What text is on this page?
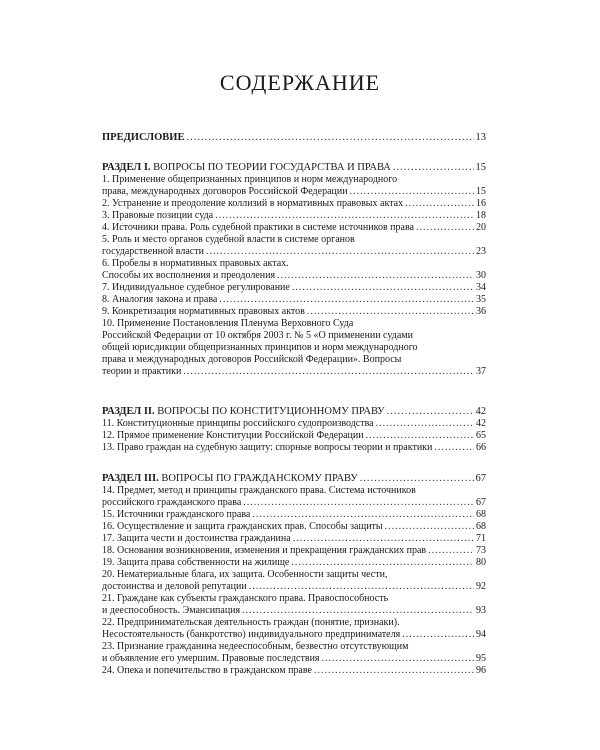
СОДЕРЖАНИЕ
ПРЕДИСЛОВИЕ .....	13
РАЗДЕЛ I. ВОПРОСЫ ПО ТЕОРИИ ГОСУДАРСТВА И ПРАВА .....	15
1. Применение общепризнанных принципов и норм международного
права, международных договоров Российской Федерации .....	15
2. Устранение и преодоление коллизий в нормативных правовых актах .....	16
3. Правовые позиции суда .....	18
4. Источники права. Роль судебной практики в системе источников права .....	20
5. Роль и место органов судебной власти в системе органов
государственной власти .....	23
6. Пробелы в нормативных правовых актах.
Способы их восполнения и преодоления .....	30
7. Индивидуальное судебное регулирование .....	34
8. Аналогия закона и права .....	35
9. Конкретизация нормативных правовых актов .....	36
10. Применение Постановления Пленума Верховного Суда
Российской Федерации от 10 октября 2003 г. № 5 «О применении судами
общей юрисдикции общепризнанных принципов и норм международного
права и международных договоров Российской Федерации». Вопросы
теории и практики .....	37
РАЗДЕЛ II. ВОПРОСЫ ПО КОНСТИТУЦИОННОМУ ПРАВУ .....	42
11. Конституционные принципы российского судопроизводства .....	42
12. Прямое применение Конституции Российской Федерации .....	65
13. Право граждан на судебную защиту: спорные вопросы теории и практики .....	66
РАЗДЕЛ III. ВОПРОСЫ ПО ГРАЖДАНСКОМУ ПРАВУ .....	67
14. Предмет, метод и принципы гражданского права. Система источников
российского гражданского права .....	67
15. Источники гражданского права .....	68
16. Осуществление и защита гражданских прав. Способы защиты .....	68
17. Защита чести и достоинства гражданина .....	71
18. Основания возникновения, изменения и прекращения гражданских прав .....	73
19. Защита права собственности на жилище .....	80
20. Нематериальные блага, их защита. Особенности защиты чести,
достоинства и деловой репутации .....	92
21. Граждане как субъекты гражданского права. Правоспособность
и дееспособность. Эмансипация .....	93
22. Предпринимательская деятельность граждан (понятие, признаки).
Несостоятельность (банкротство) индивидуального предпринимателя .....	94
23. Признание гражданина недееспособным, безвестно отсутствующим
и объявление его умершим. Правовые последствия .....	95
24. Опека и попечительство в гражданском праве .....	96
